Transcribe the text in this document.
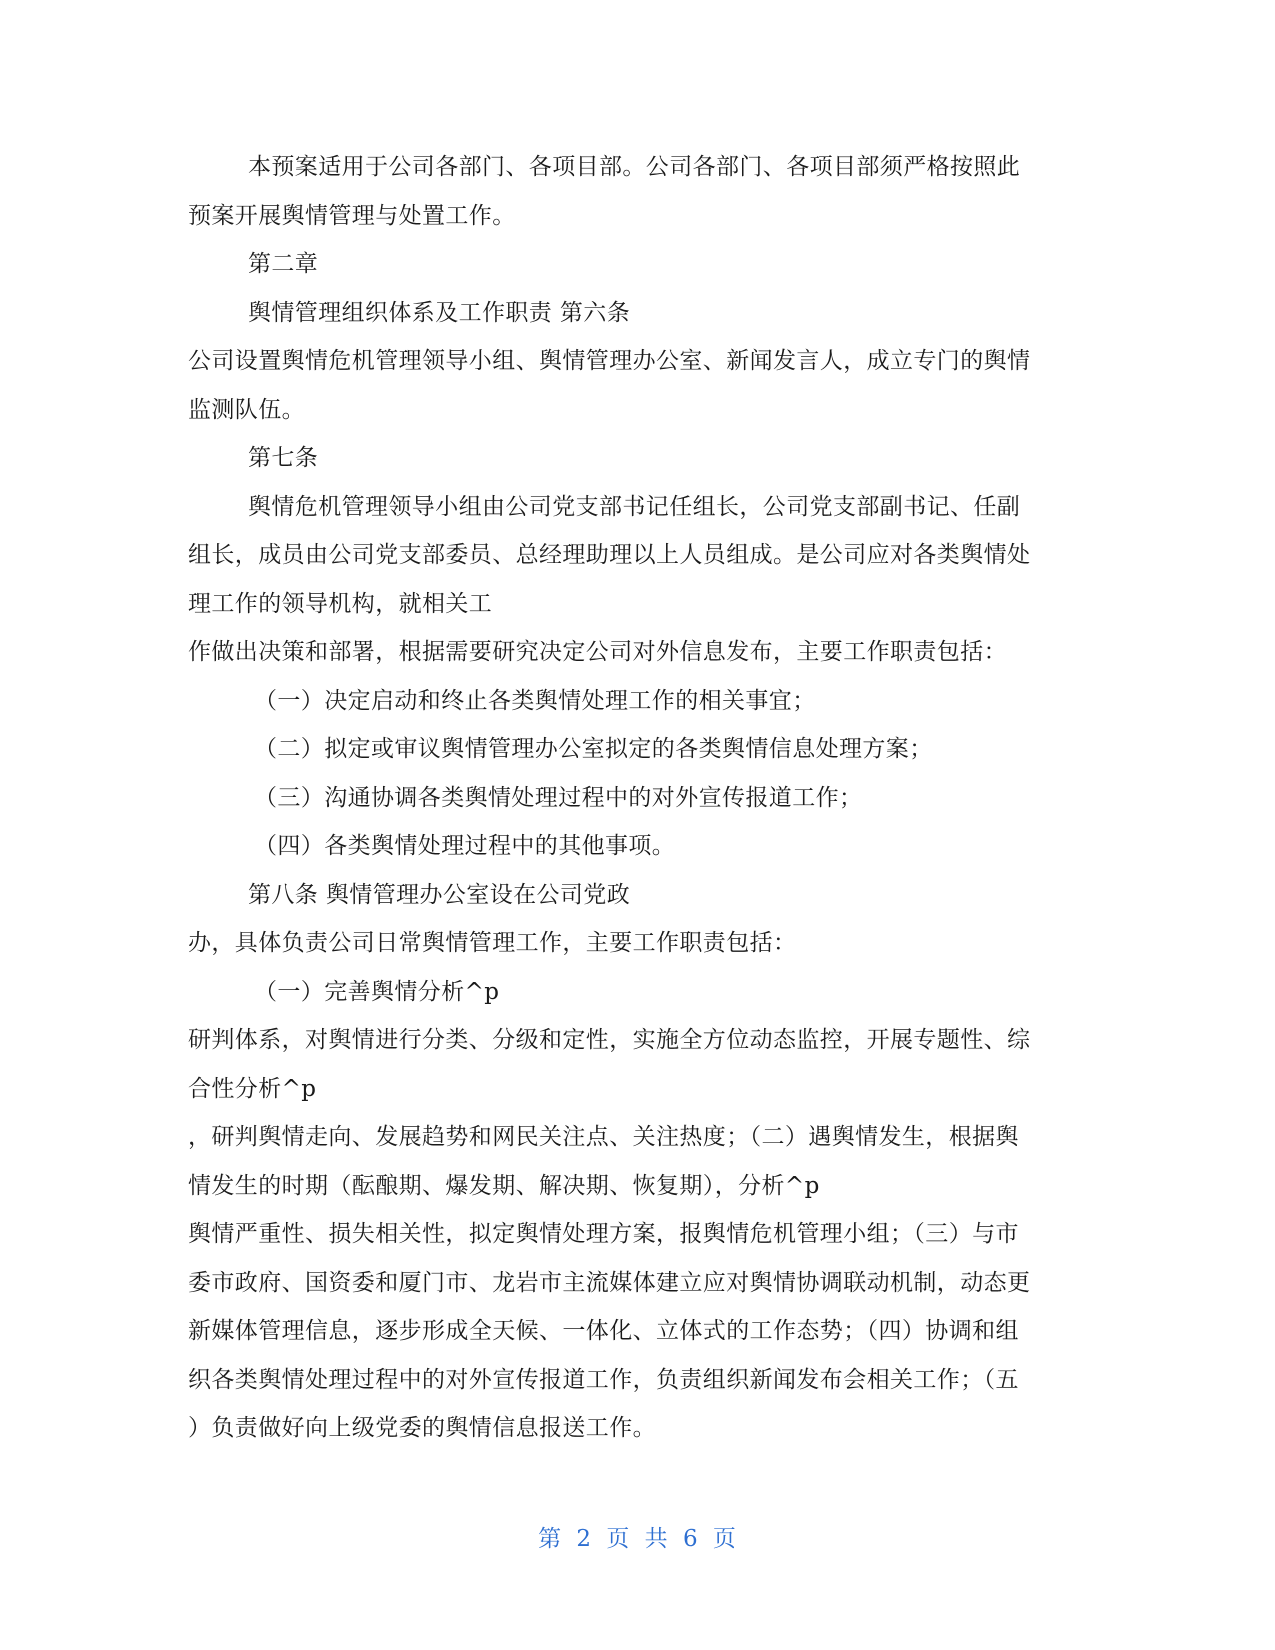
本预案适用于公司各部门、各项目部。公司各部门、各项目部须严格按照此
预案开展舆情管理与处置工作。
第二章
舆情管理组织体系及工作职责 第六条
公司设置舆情危机管理领导小组、舆情管理办公室、新闻发言人，成立专门的舆情
监测队伍。
第七条
舆情危机管理领导小组由公司党支部书记任组长，公司党支部副书记、任副
组长，成员由公司党支部委员、总经理助理以上人员组成。是公司应对各类舆情处
理工作的领导机构，就相关工
作做出决策和部署，根据需要研究决定公司对外信息发布，主要工作职责包括：
（一）决定启动和终止各类舆情处理工作的相关事宜；
（二）拟定或审议舆情管理办公室拟定的各类舆情信息处理方案；
（三）沟通协调各类舆情处理过程中的对外宣传报道工作；
（四）各类舆情处理过程中的其他事项。
第八条 舆情管理办公室设在公司党政
办，具体负责公司日常舆情管理工作，主要工作职责包括：
（一）完善舆情分析^p
研判体系，对舆情进行分类、分级和定性，实施全方位动态监控，开展专题性、综
合性分析^p
，研判舆情走向、发展趋势和网民关注点、关注热度；（二）遇舆情发生，根据舆
情发生的时期（酝酿期、爆发期、解决期、恢复期），分析^p
舆情严重性、损失相关性，拟定舆情处理方案，报舆情危机管理小组；（三）与市
委市政府、国资委和厦门市、龙岩市主流媒体建立应对舆情协调联动机制，动态更
新媒体管理信息，逐步形成全天候、一体化、立体式的工作态势；（四）协调和组
织各类舆情处理过程中的对外宣传报道工作，负责组织新闻发布会相关工作；（五
）负责做好向上级党委的舆情信息报送工作。
第 2 页 共 6 页
